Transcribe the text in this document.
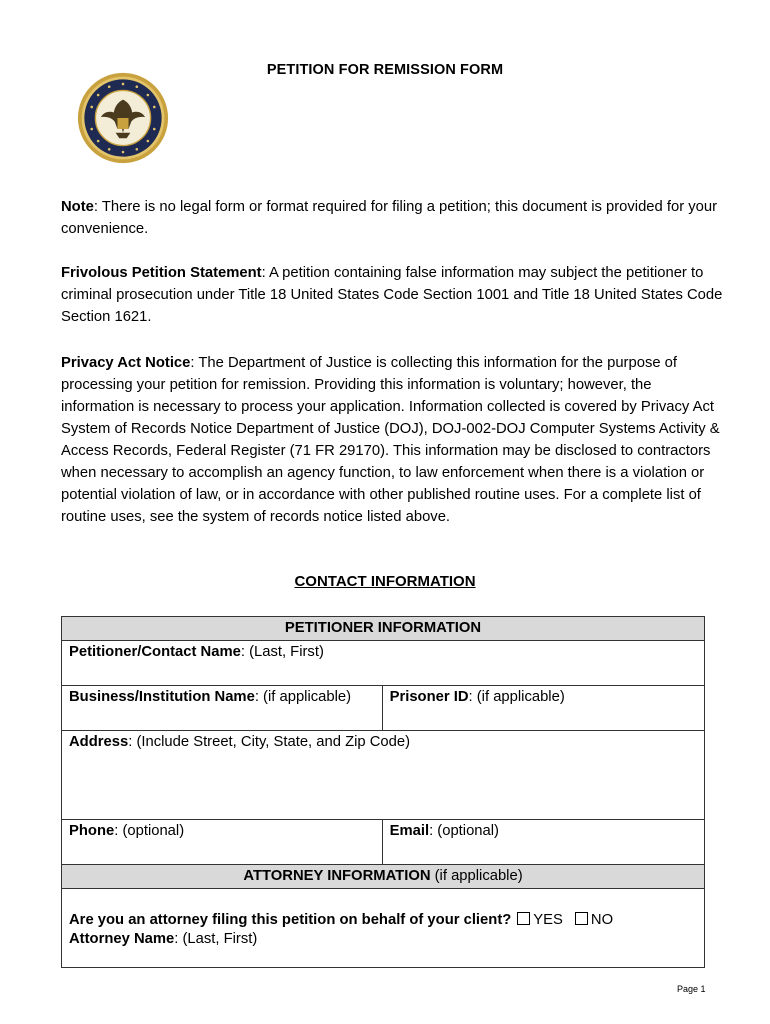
PETITION FOR REMISSION FORM
Note: There is no legal form or format required for filing a petition; this document is provided for your convenience.
Frivolous Petition Statement: A petition containing false information may subject the petitioner to criminal prosecution under Title 18 United States Code Section 1001 and Title 18 United States Code Section 1621.
Privacy Act Notice: The Department of Justice is collecting this information for the purpose of processing your petition for remission. Providing this information is voluntary; however, the information is necessary to process your application. Information collected is covered by Privacy Act System of Records Notice Department of Justice (DOJ), DOJ-002-DOJ Computer Systems Activity & Access Records, Federal Register (71 FR 29170). This information may be disclosed to contractors when necessary to accomplish an agency function, to law enforcement when there is a violation or potential violation of law, or in accordance with other published routine uses. For a complete list of routine uses, see the system of records notice listed above.
CONTACT INFORMATION
PETITIONER INFORMATION	
Petitioner/Contact Name: (Last, First)	
Business/Institution Name: (if applicable)	Prisoner ID: (if applicable)
Address: (Include Street, City, State, and Zip Code)	
Phone: (optional)	Email: (optional)
ATTORNEY INFORMATION (if applicable)	
Are you an attorney filing this petition on behalf of your client? YES NO
Attorney Name: (Last, First)	
Page 1
